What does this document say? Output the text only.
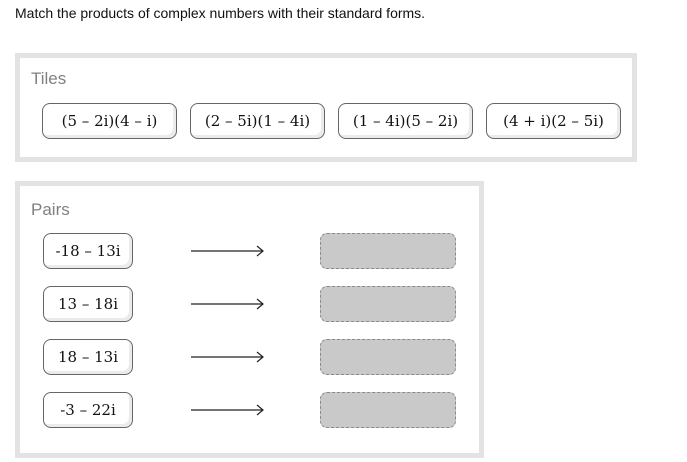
Match the products of complex numbers with their standard forms.
Tiles
(5 – 2i)(4 – i)	(2 – 5i)(1 – 4i)	(1 – 4i)(5 – 2i)	(4 + i)(2 – 5i)
Pairs
-18 – 13i
13 – 18i
18 – 13i
-3 – 22i
